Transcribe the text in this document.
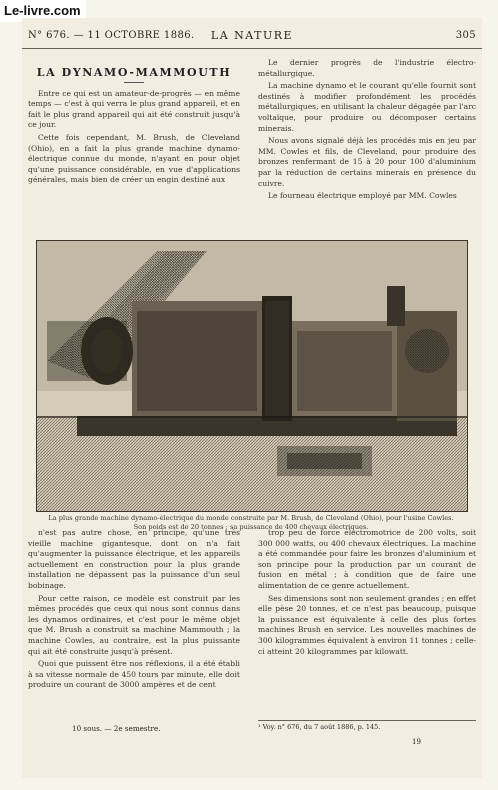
Le-livre.com
N° 676. — 11 OCTOBRE 1886.	LA NATURE	305
LA DYNAMO-MAMMOUTH

Entre ce qui est un amateur-de-progrès — en même temps — c'est à qui verra le plus grand appareil, et en fait le plus grand appareil qui ait été construit jusqu'à ce jour.

Cette fois cependant, M. Brush, de Cleveland (Ohio), en a fait la plus grande machine dynamo-électrique connue du monde, n'ayant en pour objet qu'une puissance considérable, en vue d'applications générales, mais bien de créer un engin destiné aux

Le dernier progrès de l'industrie électro-métallurgique.

La machine dynamo et le courant qu'elle fournit sont destinés à modifier profondément les procédés métallurgiques, en utilisant la chaleur dégagée par l'arc voltaïque, pour produire ou décomposer certains minerais.

Nous avons signalé déjà les procédés mis en jeu par MM. Cowles et fils, de Cleveland, pour produire des bronzes renfermant de 15 à 20 pour 100 d'aluminium par la réduction de certains minerais en présence du cuivre.

Le fourneau électrique employé par MM. Cowles

La plus grande machine dynamo-électrique du monde construite par M. Brush, de Cleveland (Ohio), pour l'usine Cowles.
Son poids est de 20 tonnes ; sa puissance de 400 chevaux électriques.

n'est pas autre chose, en principe, qu'une très vieille machine gigantesque, dont on n'a fait qu'augmenter la puissance électrique, et les appareils actuellement en construction pour la plus grande installation ne dépassent pas la puissance d'un seul bobinage.

Pour cette raison, ce modèle est construit par les mêmes procédés que ceux qui nous sont connus dans les dynamos ordinaires, et c'est pour le même objet que M. Brush a construit sa machine Mammouth ; la machine Cowles, au contraire, est la plus puissante qui ait été construite jusqu'à présent.

Quoi que puissent être nos réflexions, il a été établi à sa vitesse normale de 450 tours par minute, elle doit produire un courant de 3000 ampères et de cent

trop peu de force électromotrice de 200 volts, soit 300 000 watts, ou 400 chevaux électriques. La machine a été commandée pour faire les bronzes d'aluminium et son principe pour la production par un courant de fusion en métal ; à condition que de faire une alimentation de ce genre actuellement.

Ses dimensions sont non seulement grandes ; en effet elle pèse 20 tonnes, et ce n'est pas beaucoup, puisque la puissance est équivalente à celle des plus fortes machines Brush en service. Les nouvelles machines de 300 kilogrammes équivalent à environ 11 tonnes ; celle-ci atteint 20 kilogrammes par kilowatt.

10 sous. — 2e semestre.	¹ Voy. n° 676, du 7 août 1886, p. 145.
19
